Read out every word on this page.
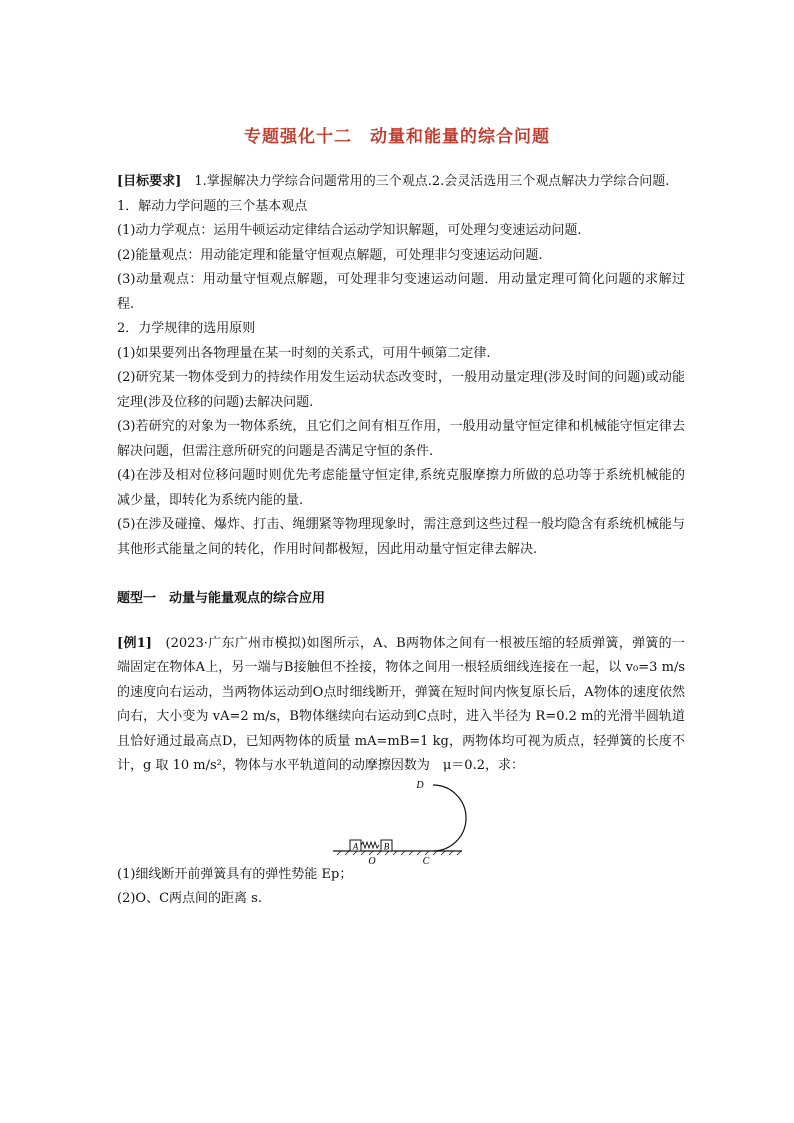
专题强化十二　动量和能量的综合问题

[目标要求]　1.掌握解决力学综合问题常用的三个观点.2.会灵活选用三个观点解决力学综合问题.

1．解动力学问题的三个基本观点

(1)动力学观点：运用牛顿运动定律结合运动学知识解题，可处理匀变速运动问题.

(2)能量观点：用动能定理和能量守恒观点解题，可处理非匀变速运动问题.

(3)动量观点：用动量守恒观点解题，可处理非匀变速运动问题．用动量定理可简化问题的求解过程.

2．力学规律的选用原则

(1)如果要列出各物理量在某一时刻的关系式，可用牛顿第二定律.

(2)研究某一物体受到力的持续作用发生运动状态改变时，一般用动量定理(涉及时间的问题)或动能定理(涉及位移的问题)去解决问题.

(3)若研究的对象为一物体系统，且它们之间有相互作用，一般用动量守恒定律和机械能守恒定律去解决问题，但需注意所研究的问题是否满足守恒的条件.

(4)在涉及相对位移问题时则优先考虑能量守恒定律,系统克服摩擦力所做的总功等于系统机械能的减少量，即转化为系统内能的量.

(5)在涉及碰撞、爆炸、打击、绳绷紧等物理现象时，需注意到这些过程一般均隐含有系统机械能与其他形式能量之间的转化，作用时间都极短，因此用动量守恒定律去解决.

题型一　动量与能量观点的综合应用

[例1]　(2023·广东广州市模拟)如图所示，A、B两物体之间有一根被压缩的轻质弹簧，弹簧的一端固定在物体A上，另一端与B接触但不拴接，物体之间用一根轻质细线连接在一起，以 v₀=3 m/s的速度向右运动，当两物体运动到O点时细线断开，弹簧在短时间内恢复原长后，A物体的速度依然向右，大小变为 vA=2 m/s，B物体继续向右运动到C点时，进入半径为 R=0.2 m的光滑半圆轨道且恰好通过最高点D，已知两物体的质量 mA=mB=1 kg，两物体均可视为质点，轻弹簧的长度不计，g 取 10 m/s²，物体与水平轨道间的动摩擦因数为　μ＝0.2，求：

A	B
O	C
D

(1)细线断开前弹簧具有的弹性势能 Ep；

(2)O、C两点间的距离 s.
